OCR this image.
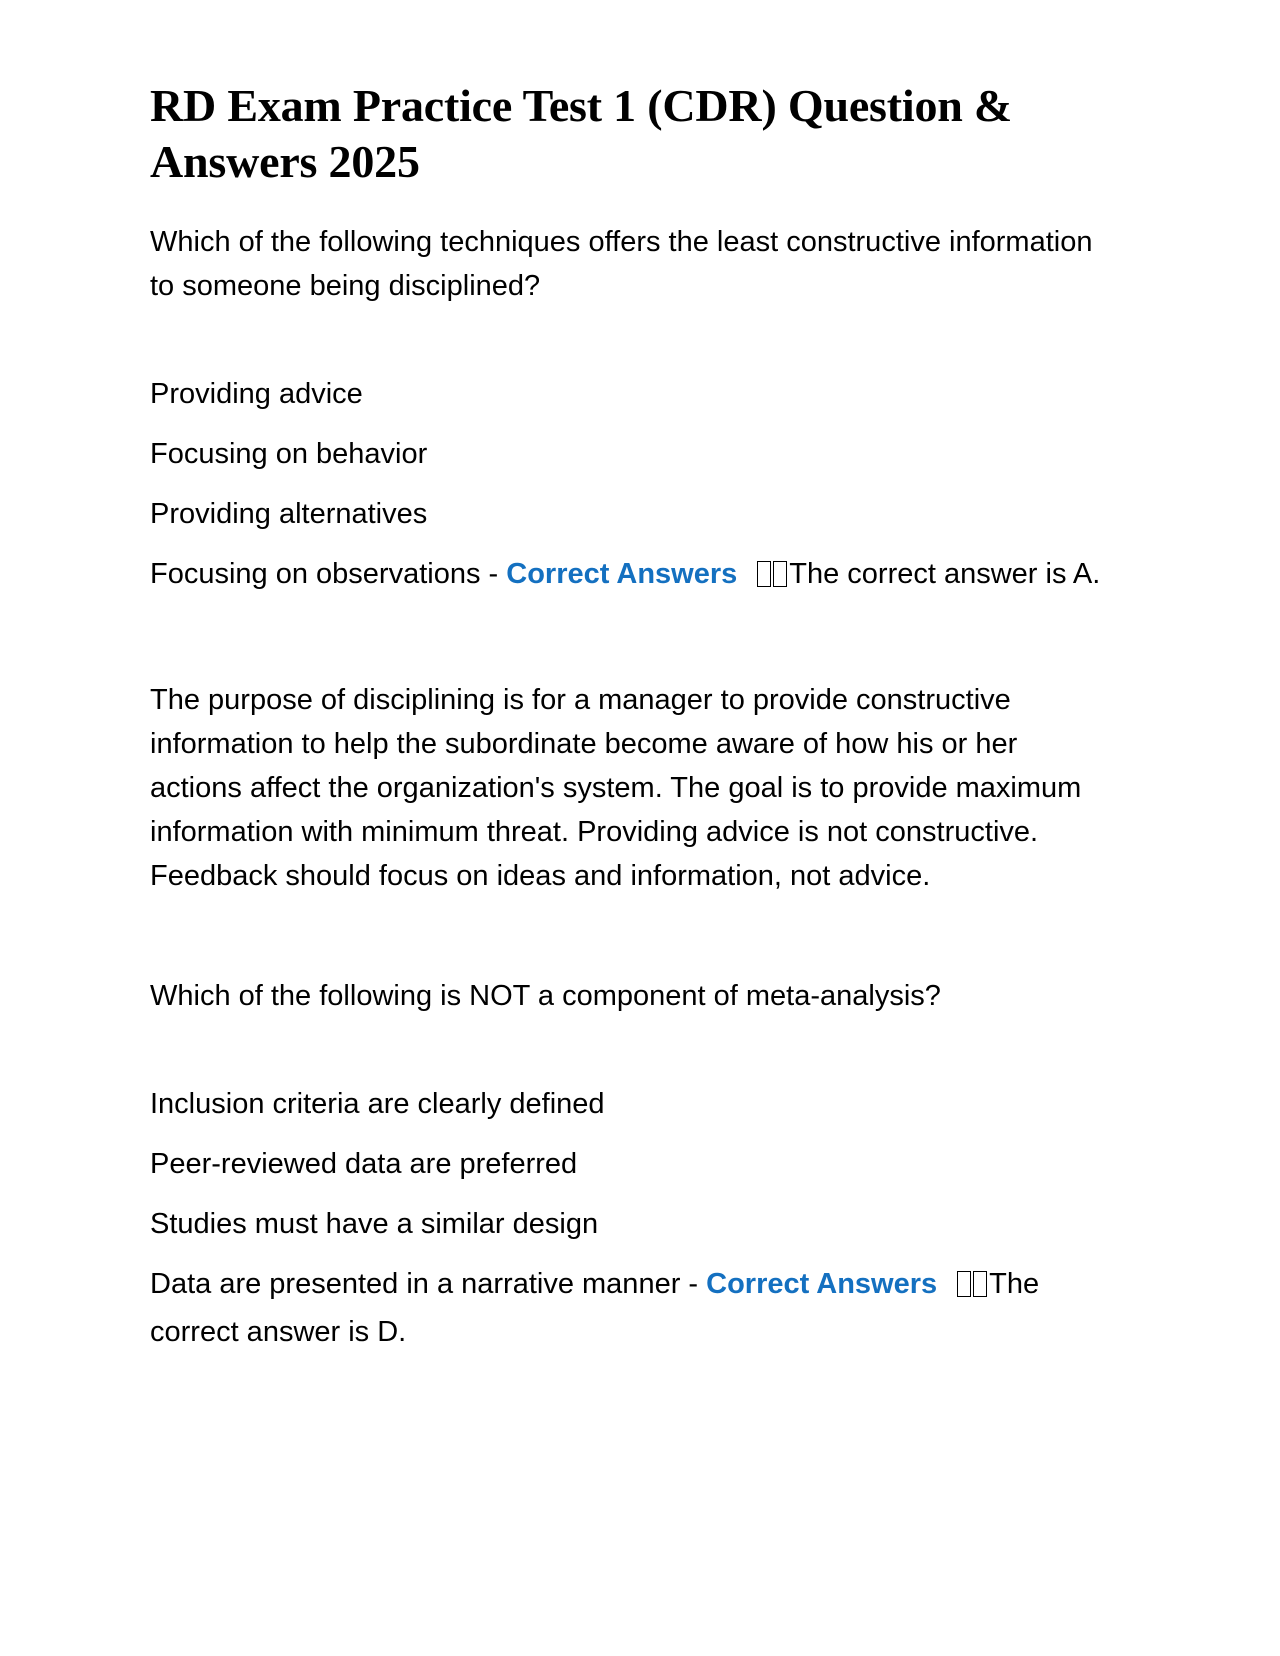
RD Exam Practice Test 1 (CDR) Question & Answers 2025

Which of the following techniques offers the least constructive information to someone being disciplined?

Providing advice

Focusing on behavior

Providing alternatives

Focusing on observations - Correct Answers The correct answer is A.

The purpose of disciplining is for a manager to provide constructive information to help the subordinate become aware of how his or her actions affect the organization's system. The goal is to provide maximum information with minimum threat. Providing advice is not constructive. Feedback should focus on ideas and information, not advice.

Which of the following is NOT a component of meta-analysis?

Inclusion criteria are clearly defined

Peer-reviewed data are preferred

Studies must have a similar design

Data are presented in a narrative manner - Correct Answers The correct answer is D.
